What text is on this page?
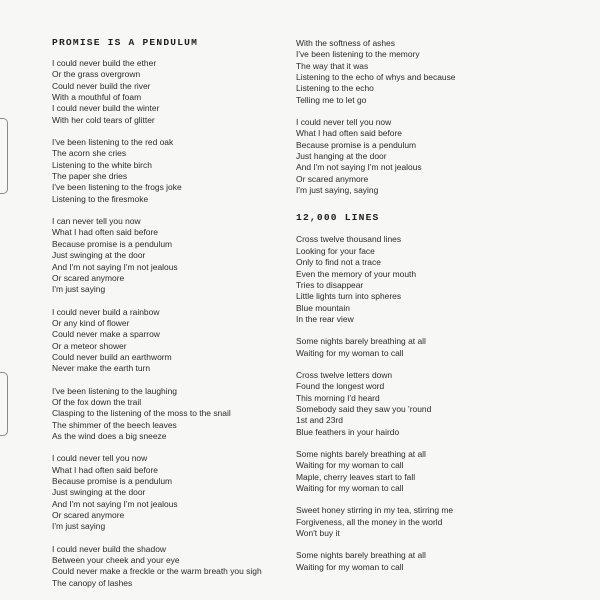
PROMISE IS A PENDULUM
I could never build the ether
Or the grass overgrown
Could never build the river
With a mouthful of foam
I could never build the winter
With her cold tears of glitter
I've been listening to the red oak
The acorn she cries
Listening to the white birch
The paper she dries
I've been listening to the frogs joke
Listening to the firesmoke
I can never tell you now
What I had often said before
Because promise is a pendulum
Just swinging at the door
And I'm not saying I'm not jealous
Or scared anymore
I'm just saying
I could never build a rainbow
Or any kind of flower
Could never make a sparrow
Or a meteor shower
Could never build an earthworm
Never make the earth turn
I've been listening to the laughing
Of the fox down the trail
Clasping to the listening of the moss to the snail
The shimmer of the beech leaves
As the wind does a big sneeze
I could never tell you now
What I had often said before
Because promise is a pendulum
Just swinging at the door
And I'm not saying I'm not jealous
Or scared anymore
I'm just saying
I could never build the shadow
Between your cheek and your eye
Could never make a freckle or the warm breath you sigh
The canopy of lashes
With the softness of ashes
I've been listening to the memory
The way that it was
Listening to the echo of whys and because
Listening to the echo
Telling me to let go
I could never tell you now
What I had often said before
Because promise is a pendulum
Just hanging at the door
And I'm not saying I'm not jealous
Or scared anymore
I'm just saying, saying
12,000 LINES
Cross twelve thousand lines
Looking for your face
Only to find not a trace
Even the memory of your mouth
Tries to disappear
Little lights turn into spheres
Blue mountain
In the rear view
Some nights barely breathing at all
Waiting for my woman to call
Cross twelve letters down
Found the longest word
This morning I'd heard
Somebody said they saw you 'round
1st and 23rd
Blue feathers in your hairdo
Some nights barely breathing at all
Waiting for my woman to call
Maple, cherry leaves start to fall
Waiting for my woman to call
Sweet honey stirring in my tea, stirring me
Forgiveness, all the money in the world
Won't buy it
Some nights barely breathing at all
Waiting for my woman to call
